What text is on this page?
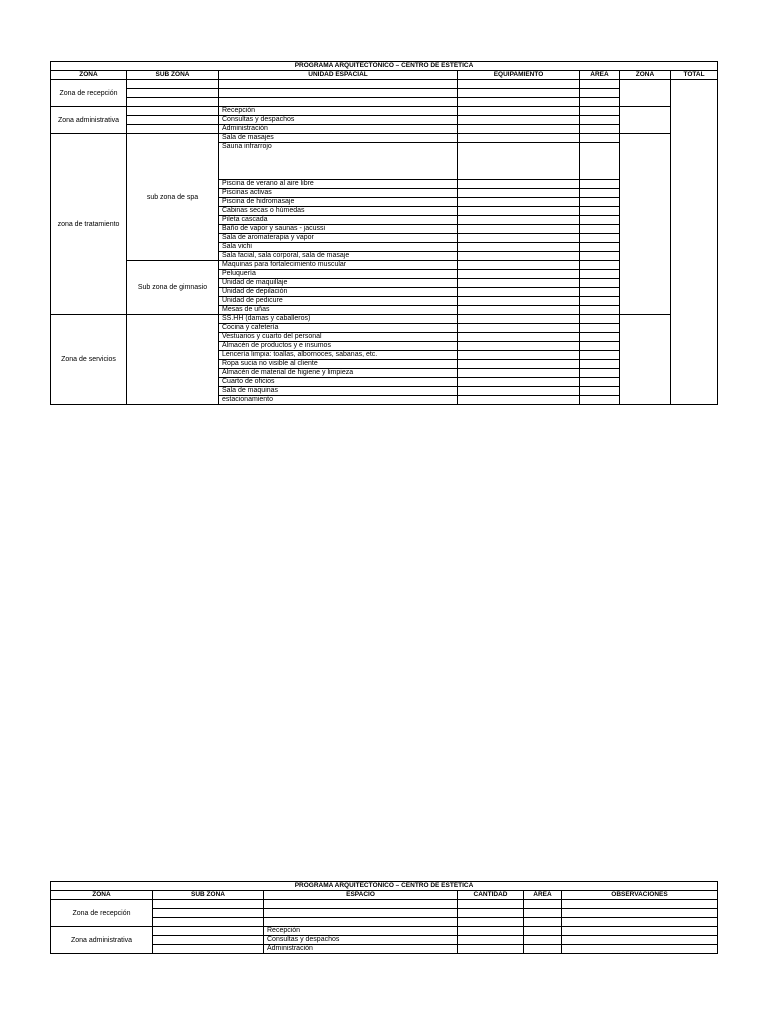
PROGRAMA ARQUITECTÓNICO – CENTRO DE ESTÉTICA						
ZONA	SUB ZONA	UNIDAD ESPACIAL	EQUIPAMIENTO	ÁREA	ZONA	TOTAL
Zona de recepción						

Zona administrativa		Recepción				
		Consultas y despachos				
		Administración				
zona de tratamiento	sub zona de spa	Sala de masajes				
		Sauna infrarrojo				
		Piscina de verano al aire libre				
		Piscinas activas				
		Piscina de hidromasaje				
		Cabinas secas o húmedas				
		Pileta cascada				
		Baño de vapor y saunas - jacussi				
		Sala de aromaterapia y vapor				
		Sala vichi				
		Sala facial, sala corporal, sala de masaje				
	Sub zona de gimnasio	Maquinas para fortalecimiento muscular				
		Peluquería				
		Unidad de maquillaje				
		Unidad de depilación				
		Unidad de pedicure				
		Mesas de uñas				
Zona de servicios		SS.HH (damas y caballeros)				
		Cocina y cafetería				
		Vestuarios y cuarto del personal				
		Almacén de productos y e insumos				
		Lencería limpia: toallas, albornoces, sabanas, etc.				
		Ropa sucia no visible al cliente				
		Almacén de material de higiene y limpieza				
		Cuarto de oficios				
		Sala de maquinas				
		estacionamiento				
PROGRAMA ARQUITECTÓNICO – CENTRO DE ESTÉTICA					
ZONA	SUB ZONA	ESPACIO	CANTIDAD	ÁREA	OBSERVACIONES
Zona de recepción					

Zona administrativa		Recepción			
		Consultas y despachos			
		Administración			
